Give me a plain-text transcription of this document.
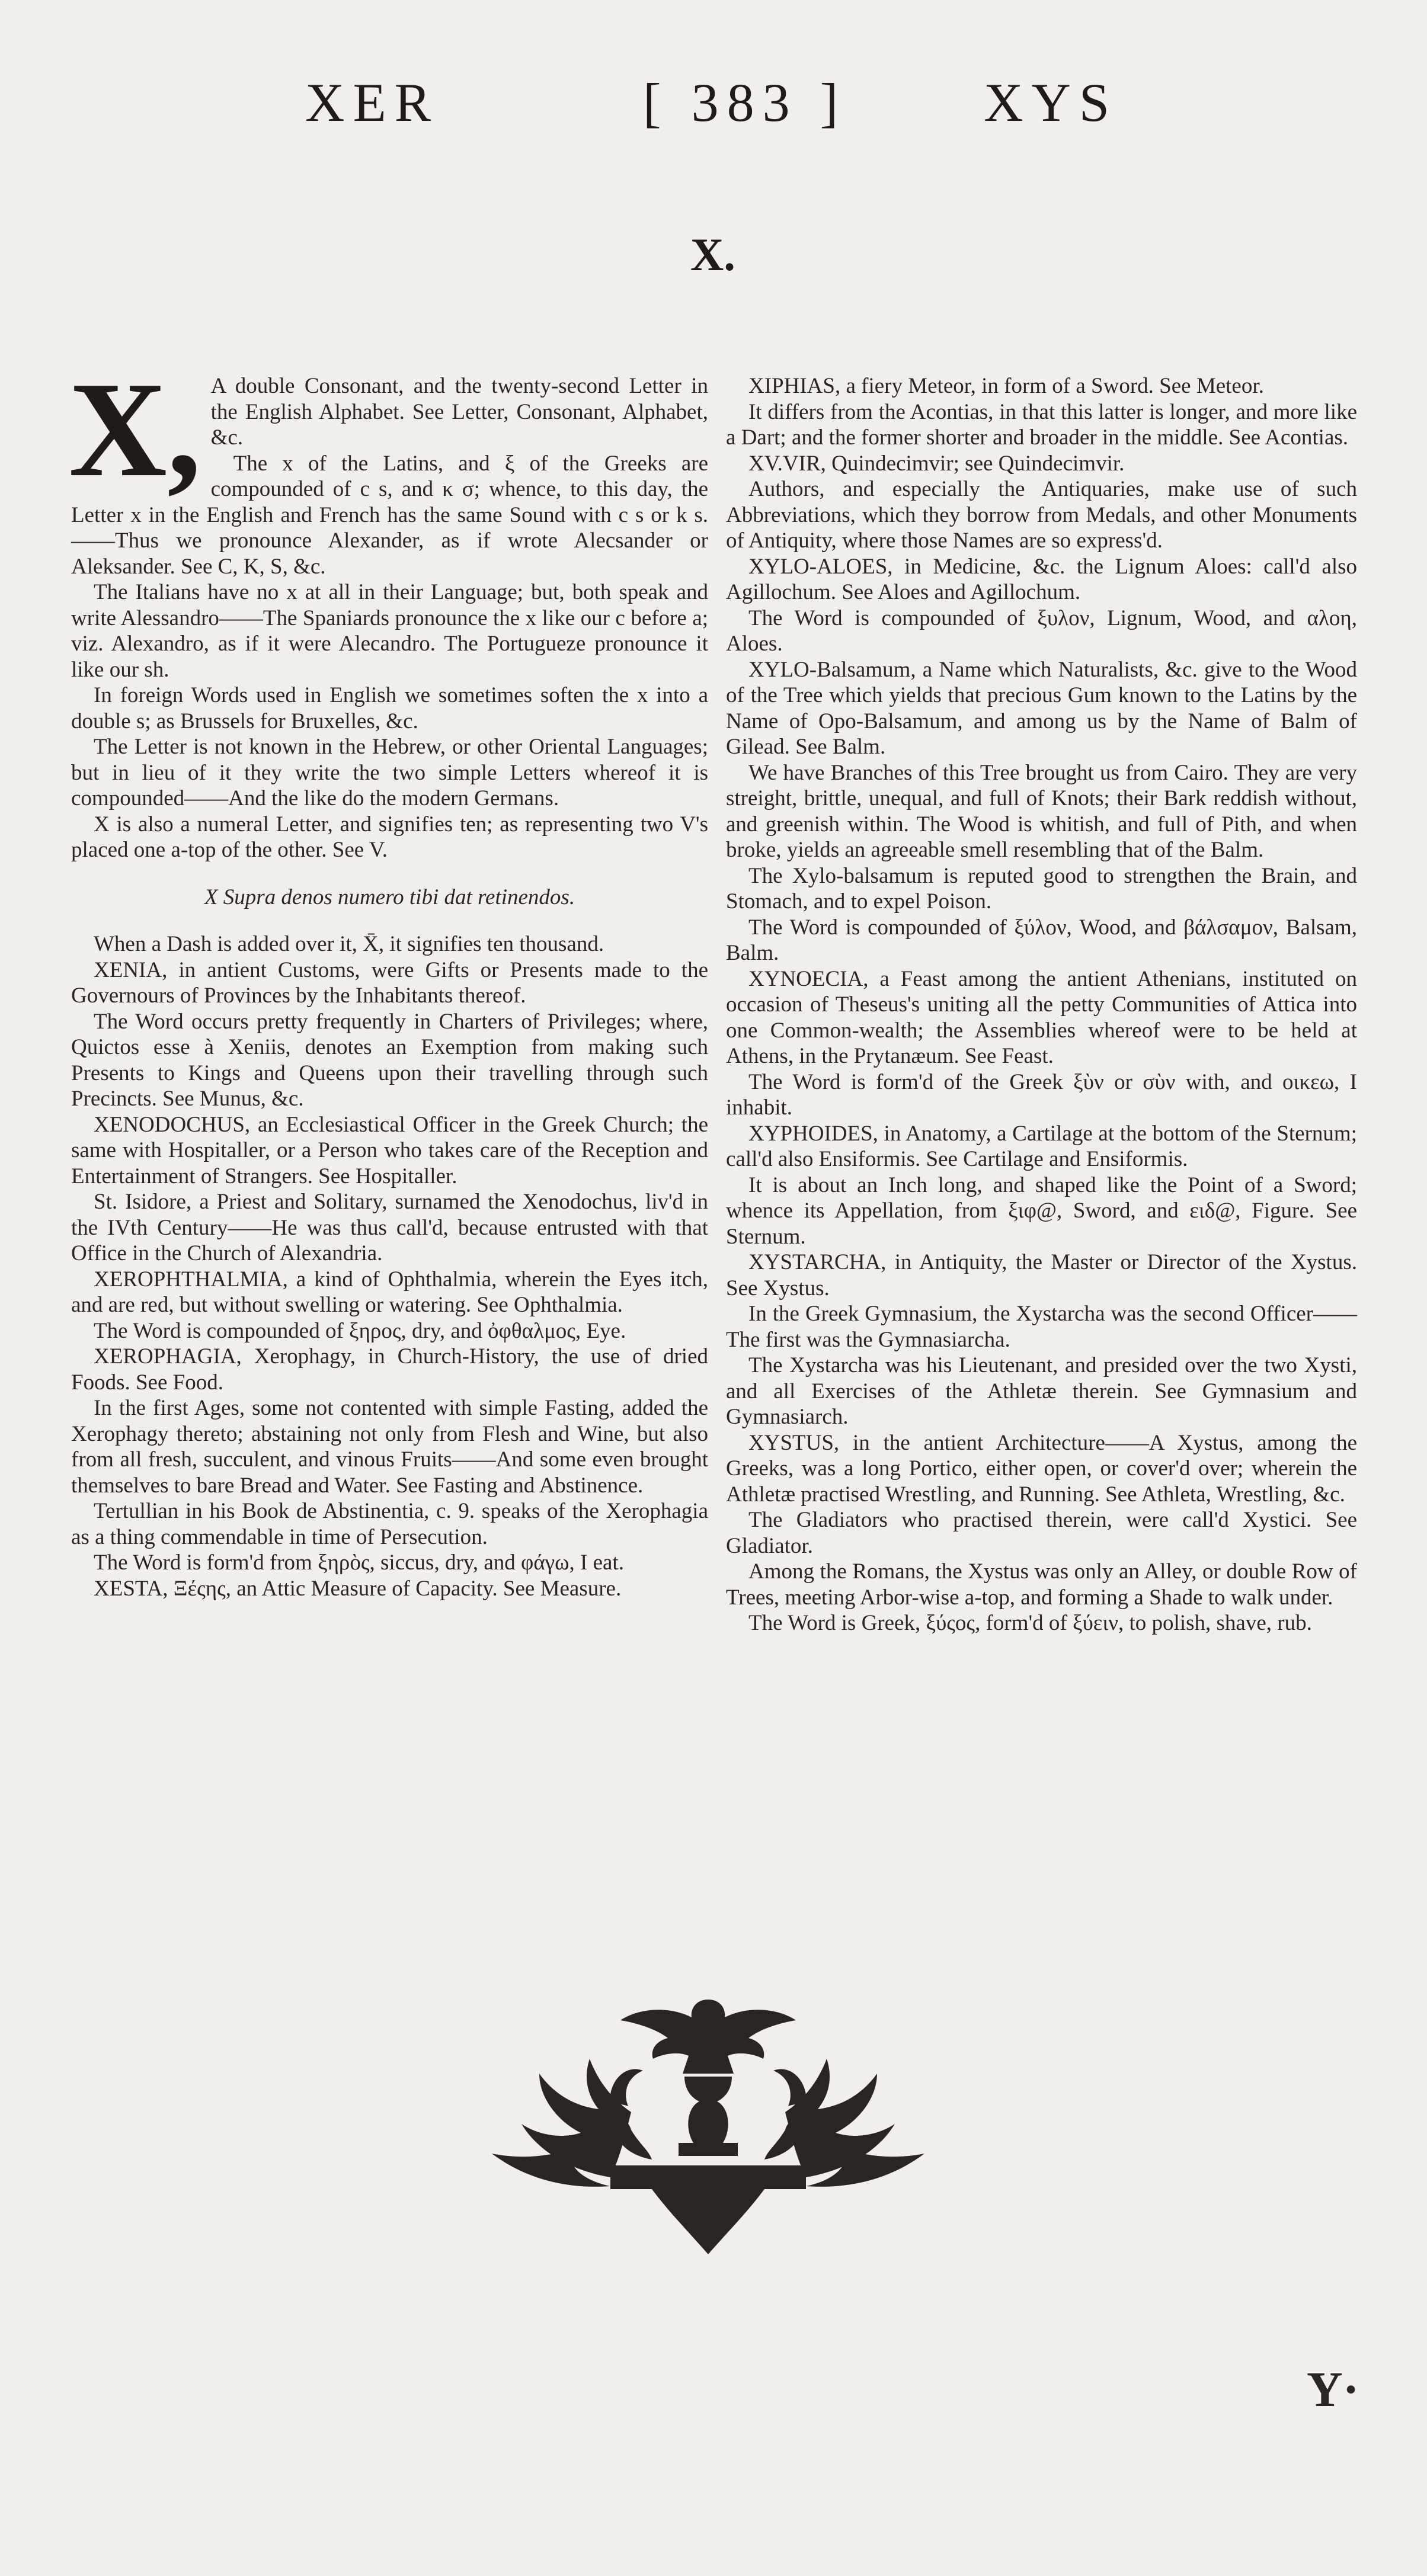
XER	[ 383 ]	XYS
X.

X, A double Consonant, and the twenty-second Letter in the English Alphabet. See Letter, Consonant, Alphabet, &c.

The x of the Latins, and ξ of the Greeks are compounded of c s, and κ σ; whence, to this day, the Letter x in the English and French has the same Sound with c s or k s.——Thus we pronounce Alexander, as if wrote Alecsander or Aleksander. See C, K, S, &c.

The Italians have no x at all in their Language; but, both speak and write Alessandro——The Spaniards pronounce the x like our c before a; viz. Alexandro, as if it were Alecandro. The Portugueze pronounce it like our sh.

In foreign Words used in English we sometimes soften the x into a double s; as Brussels for Bruxelles, &c.

The Letter is not known in the Hebrew, or other Oriental Languages; but in lieu of it they write the two simple Letters whereof it is compounded——And the like do the modern Germans.

X is also a numeral Letter, and signifies ten; as representing two V's placed one a-top of the other. See V.

X Supra denos numero tibi dat retinendos.

When a Dash is added over it, X̄, it signifies ten thousand.

XENIA, in antient Customs, were Gifts or Presents made to the Governours of Provinces by the Inhabitants thereof.

The Word occurs pretty frequently in Charters of Privileges; where, Quictos esse à Xeniis, denotes an Exemption from making such Presents to Kings and Queens upon their travelling through such Precincts. See Munus, &c.

XENODOCHUS, an Ecclesiastical Officer in the Greek Church; the same with Hospitaller, or a Person who takes care of the Reception and Entertainment of Strangers. See Hospitaller.

St. Isidore, a Priest and Solitary, surnamed the Xenodochus, liv'd in the IVth Century——He was thus call'd, because entrusted with that Office in the Church of Alexandria.

XEROPHTHALMIA, a kind of Ophthalmia, wherein the Eyes itch, and are red, but without swelling or watering. See Ophthalmia.

The Word is compounded of ξηρος, dry, and ὀφθαλμος, Eye.

XEROPHAGIA, Xerophagy, in Church-History, the use of dried Foods. See Food.

In the first Ages, some not contented with simple Fasting, added the Xerophagy thereto; abstaining not only from Flesh and Wine, but also from all fresh, succulent, and vinous Fruits——And some even brought themselves to bare Bread and Water. See Fasting and Abstinence.

Tertullian in his Book de Abstinentia, c. 9. speaks of the Xerophagia as a thing commendable in time of Persecution.

The Word is form'd from ξηρὸς, siccus, dry, and φάγω, I eat.

XESTA, Ξέςης, an Attic Measure of Capacity. See Measure.

XIPHIAS, a fiery Meteor, in form of a Sword. See Meteor.

It differs from the Acontias, in that this latter is longer, and more like a Dart; and the former shorter and broader in the middle. See Acontias.

XV.VIR, Quindecimvir; see Quindecimvir.

Authors, and especially the Antiquaries, make use of such Abbreviations, which they borrow from Medals, and other Monuments of Antiquity, where those Names are so express'd.

XYLO-ALOES, in Medicine, &c. the Lignum Aloes: call'd also Agillochum. See Aloes and Agillochum.

The Word is compounded of ξυλον, Lignum, Wood, and αλοη, Aloes.

XYLO-Balsamum, a Name which Naturalists, &c. give to the Wood of the Tree which yields that precious Gum known to the Latins by the Name of Opo-Balsamum, and among us by the Name of Balm of Gilead. See Balm.

We have Branches of this Tree brought us from Cairo. They are very streight, brittle, unequal, and full of Knots; their Bark reddish without, and greenish within. The Wood is whitish, and full of Pith, and when broke, yields an agreeable smell resembling that of the Balm.

The Xylo-balsamum is reputed good to strengthen the Brain, and Stomach, and to expel Poison.

The Word is compounded of ξύλον, Wood, and βάλσαμον, Balsam, Balm.

XYNOECIA, a Feast among the antient Athenians, instituted on occasion of Theseus's uniting all the petty Communities of Attica into one Common-wealth; the Assemblies whereof were to be held at Athens, in the Prytanæum. See Feast.

The Word is form'd of the Greek ξὺν or σὺν with, and οικεω, I inhabit.

XYPHOIDES, in Anatomy, a Cartilage at the bottom of the Sternum; call'd also Ensiformis. See Cartilage and Ensiformis.

It is about an Inch long, and shaped like the Point of a Sword; whence its Appellation, from ξιφ@, Sword, and ειδ@, Figure. See Sternum.

XYSTARCHA, in Antiquity, the Master or Director of the Xystus. See Xystus.

In the Greek Gymnasium, the Xystarcha was the second Officer——The first was the Gymnasiarcha.

The Xystarcha was his Lieutenant, and presided over the two Xysti, and all Exercises of the Athletæ therein. See Gymnasium and Gymnasiarch.

XYSTUS, in the antient Architecture——A Xystus, among the Greeks, was a long Portico, either open, or cover'd over; wherein the Athletæ practised Wrestling, and Running. See Athleta, Wrestling, &c.

The Gladiators who practised therein, were call'd Xystici. See Gladiator.

Among the Romans, the Xystus was only an Alley, or double Row of Trees, meeting Arbor-wise a-top, and forming a Shade to walk under.

The Word is Greek, ξύςος, form'd of ξύειν, to polish, shave, rub.

Y·
